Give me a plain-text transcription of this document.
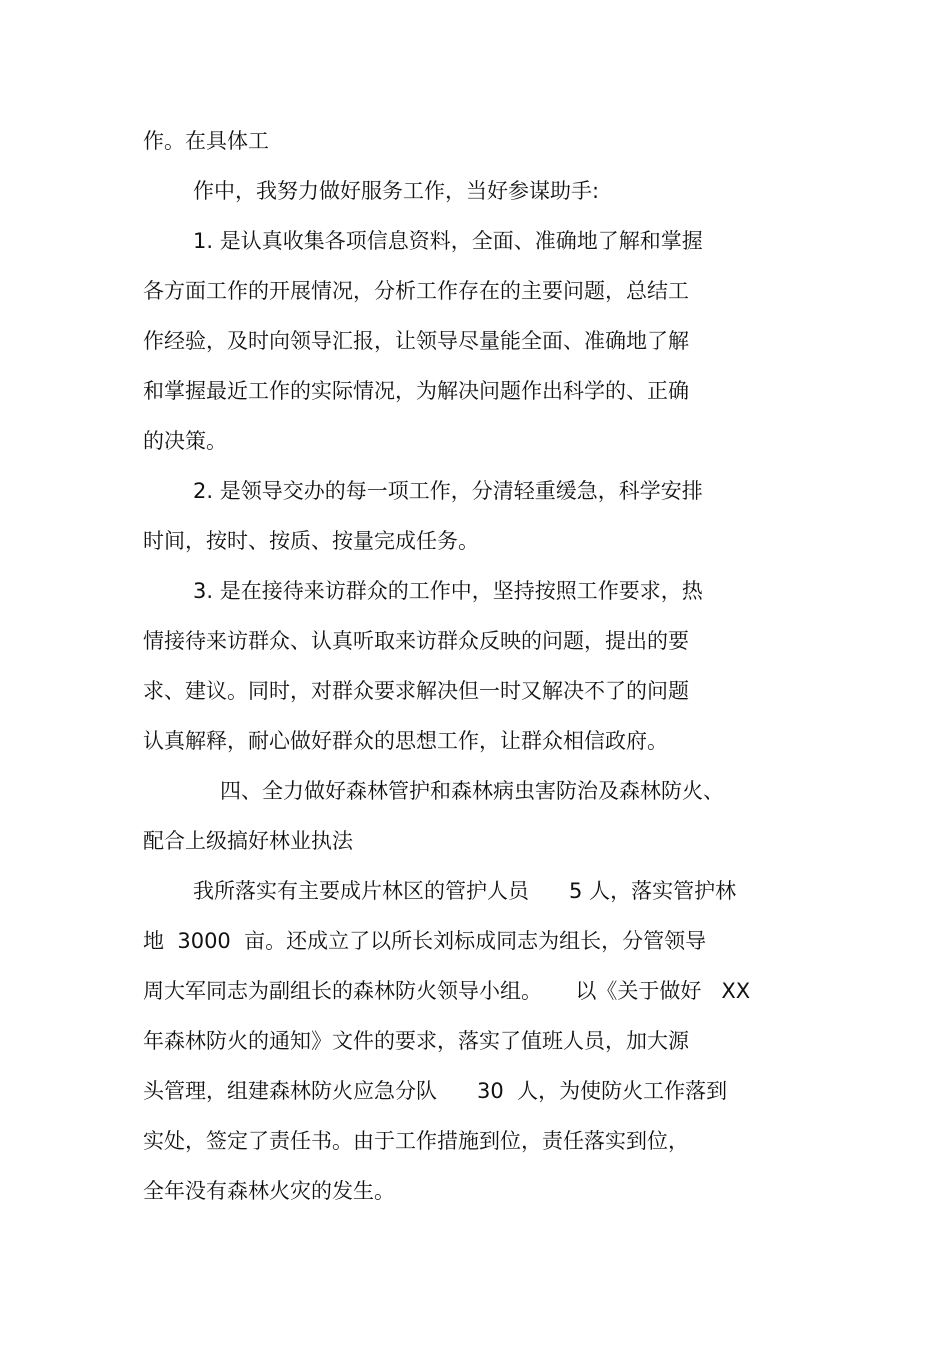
作。在具体工
作中，我努力做好服务工作，当好参谋助手:
1. 是认真收集各项信息资料，全面、准确地了解和掌握
各方面工作的开展情况，分析工作存在的主要问题，总结工
作经验，及时向领导汇报，让领导尽量能全面、准确地了解
和掌握最近工作的实际情况，为解决问题作出科学的、正确
的决策。
2. 是领导交办的每一项工作，分清轻重缓急，科学安排
时间，按时、按质、按量完成任务。
3. 是在接待来访群众的工作中，坚持按照工作要求，热
情接待来访群众、认真听取来访群众反映的问题，提出的要
求、建议。同时，对群众要求解决但一时又解决不了的问题
认真解释，耐心做好群众的思想工作，让群众相信政府。
四、全力做好森林管护和森林病虫害防治及森林防火、
配合上级搞好林业执法
我所落实有主要成片林区的管护人员      5 人，落实管护林
地  3000  亩。还成立了以所长刘标成同志为组长，分管领导
周大军同志为副组长的森林防火领导小组。     以《关于做好   XX
年森林防火的通知》文件的要求，落实了值班人员，加大源
头管理，组建森林防火应急分队      30  人，为使防火工作落到
实处，签定了责任书。由于工作措施到位，责任落实到位，
全年没有森林火灾的发生。
